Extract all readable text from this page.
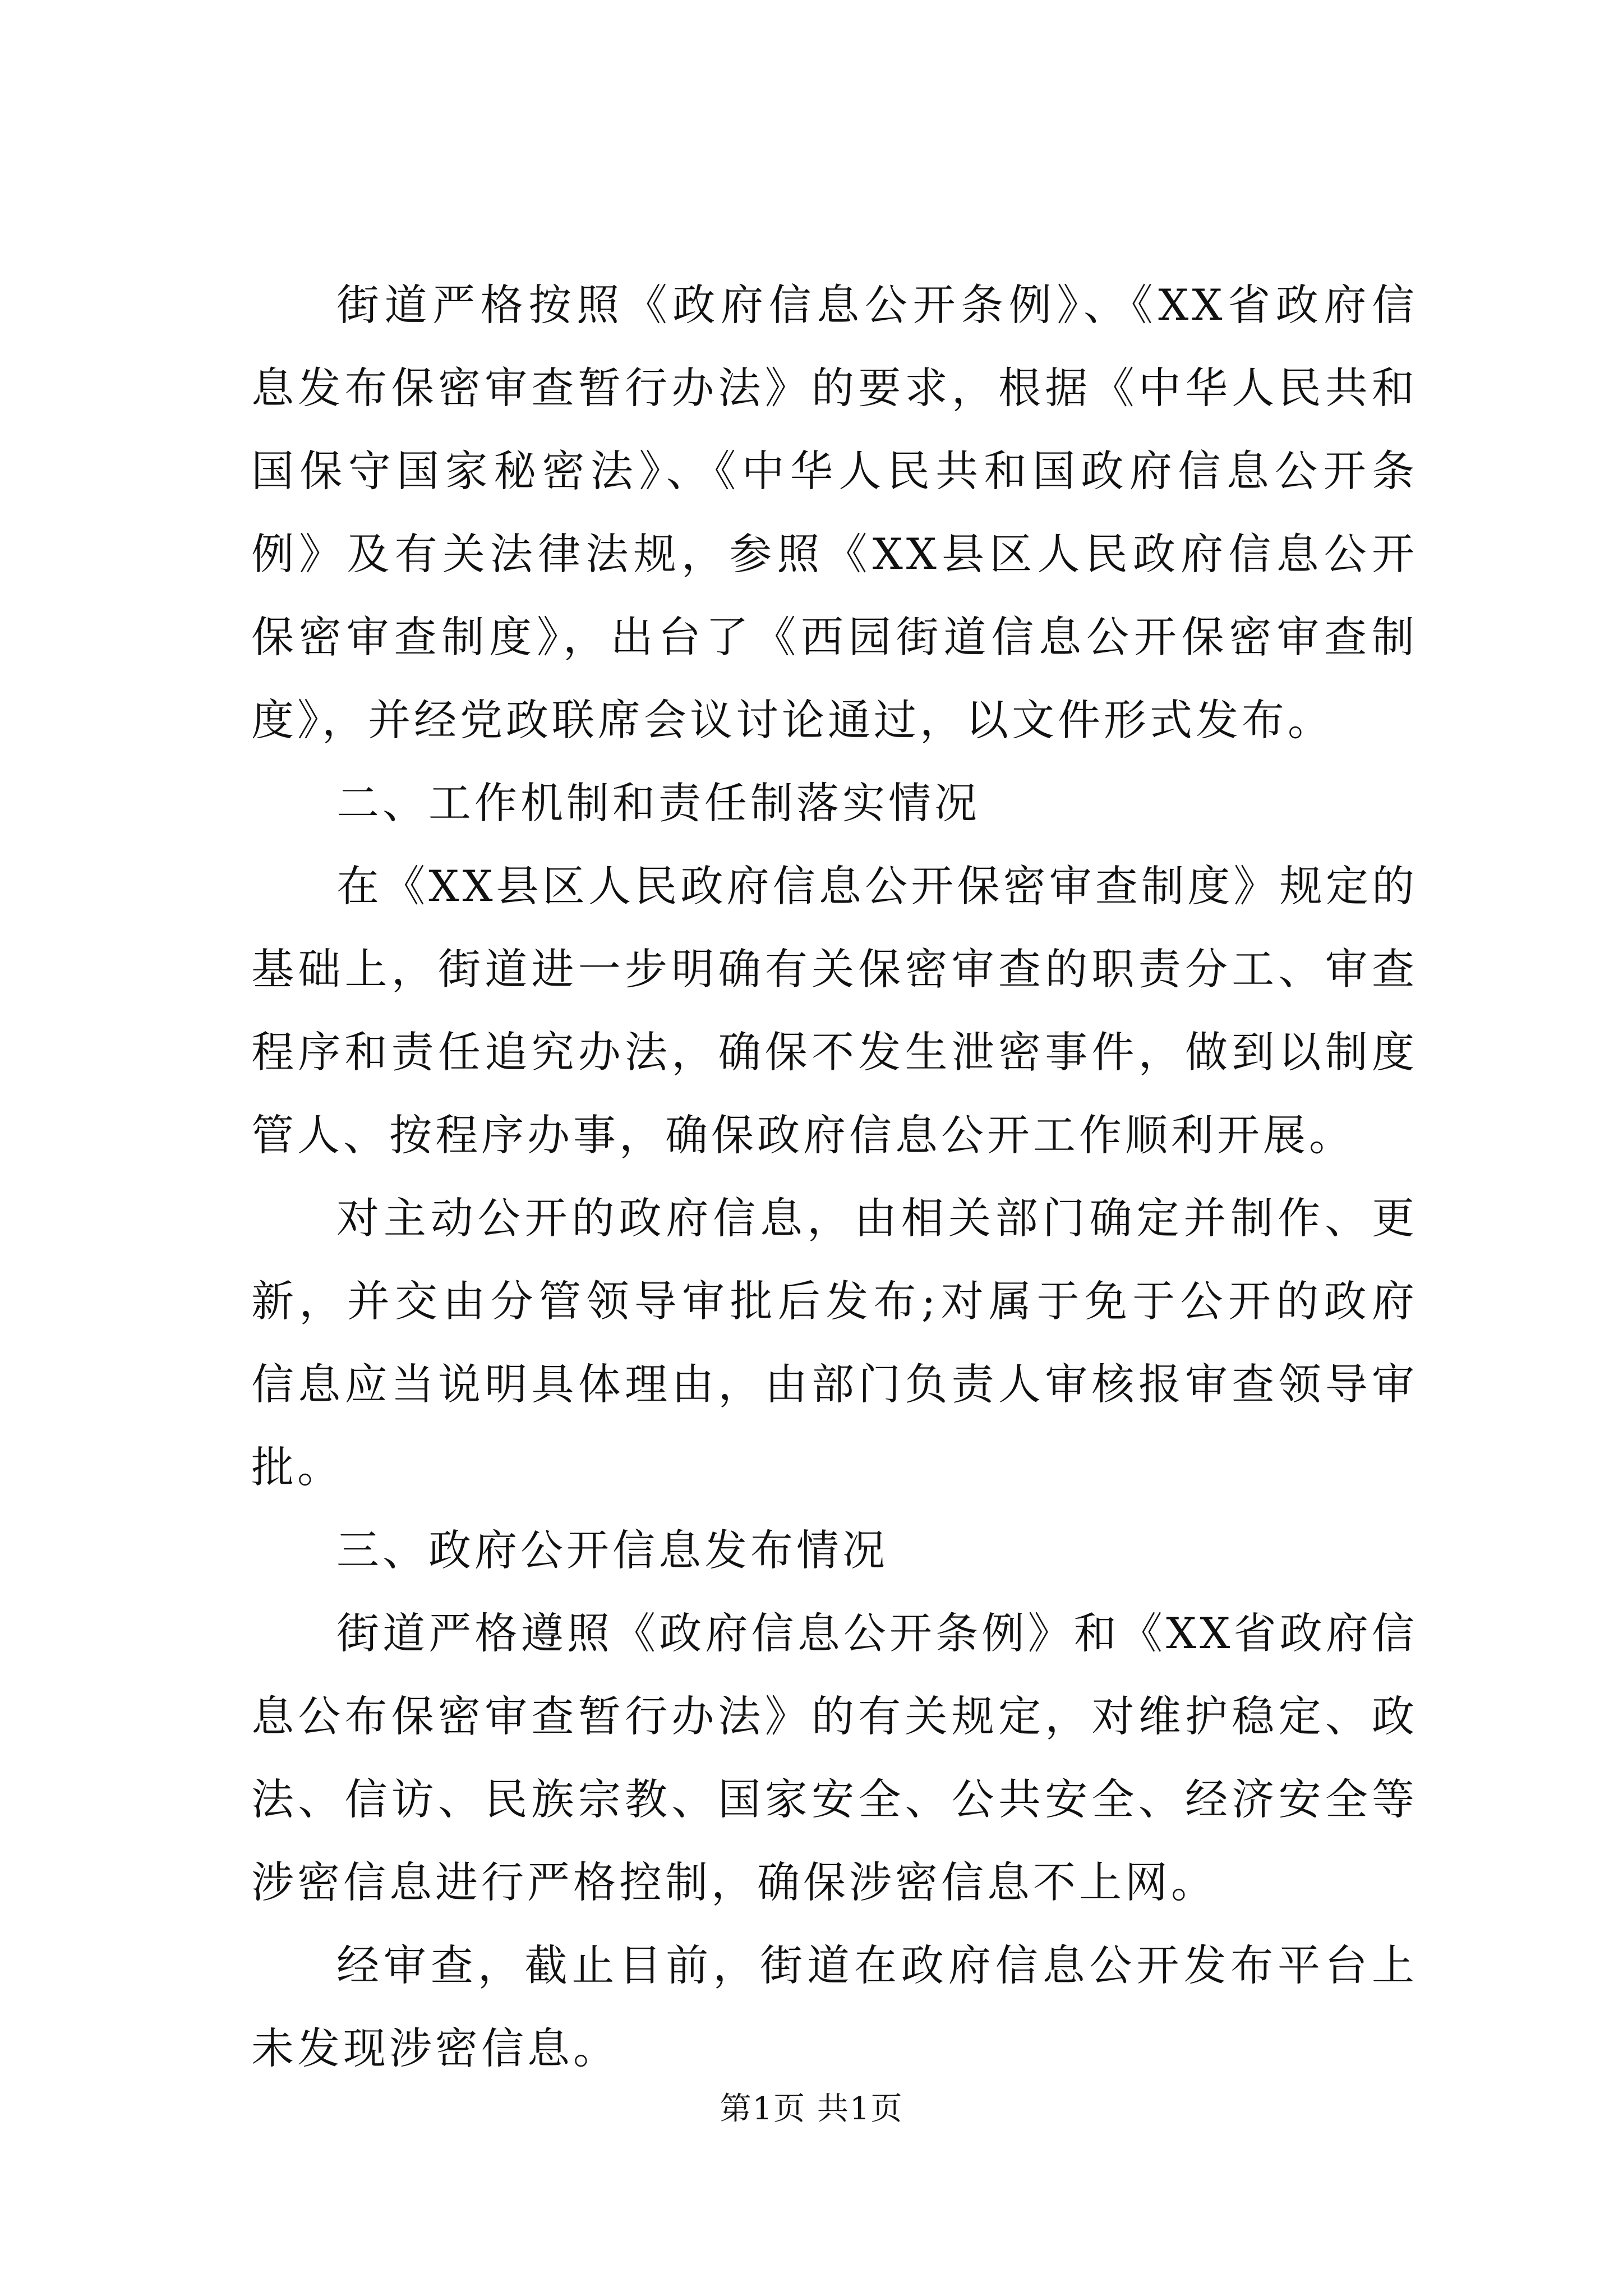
街道严格按照《政府信息公开条例》、《XX省政府信息发布保密审查暂行办法》的要求，根据《中华人民共和国保守国家秘密法》、《中华人民共和国政府信息公开条例》及有关法律法规，参照《XX县区人民政府信息公开保密审查制度》，出台了《西园街道信息公开保密审查制度》，并经党政联席会议讨论通过，以文件形式发布。

二、工作机制和责任制落实情况

在《XX县区人民政府信息公开保密审查制度》规定的基础上，街道进一步明确有关保密审查的职责分工、审查程序和责任追究办法，确保不发生泄密事件，做到以制度管人、按程序办事，确保政府信息公开工作顺利开展。

对主动公开的政府信息，由相关部门确定并制作、更新，并交由分管领导审批后发布;对属于免于公开的政府信息应当说明具体理由，由部门负责人审核报审查领导审批。

三、政府公开信息发布情况

街道严格遵照《政府信息公开条例》和《XX省政府信息公布保密审查暂行办法》的有关规定，对维护稳定、政法、信访、民族宗教、国家安全、公共安全、经济安全等涉密信息进行严格控制，确保涉密信息不上网。

经审查，截止目前，街道在政府信息公开发布平台上未发现涉密信息。

第1页 共1页
